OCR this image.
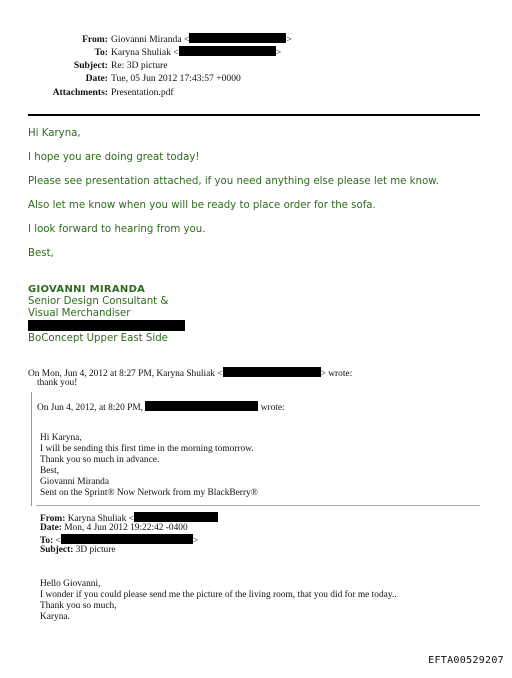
From: Giovanni Miranda <	>
To: Karyna Shuliak <	>
Subject: Re: 3D picture
Date: Tue, 05 Jun 2012 17:43:57 +0000
Attachments: Presentation.pdf
Hi Karyna,
I hope you are doing great today!
Please see presentation attached, if you need anything else please let me know.
Also let me know when you will be ready to place order for the sofa.
I look forward to hearing from you.
Best,
GIOVANNI MIRANDA
Senior Design Consultant &
Visual Merchandiser
BoConcept Upper East Side
On Mon, Jun 4, 2012 at 8:27 PM, Karyna Shuliak <	> wrote:
thank you!
On Jun 4, 2012, at 8:20 PM,	wrote:
Hi Karyna,
I will be sending this first time in the morning tomorrow.
Thank you so much in advance.
Best,
Giovanni Miranda
Sent on the Sprint® Now Network from my BlackBerry®
From: Karyna Shuliak <
Date: Mon, 4 Jun 2012 19:22:42 -0400
To: <	>
Subject: 3D picture
Hello Giovanni,
I wonder if you could please send me the picture of the living room, that you did for me today..
Thank you so much,
Karyna.
EFTA00529207
